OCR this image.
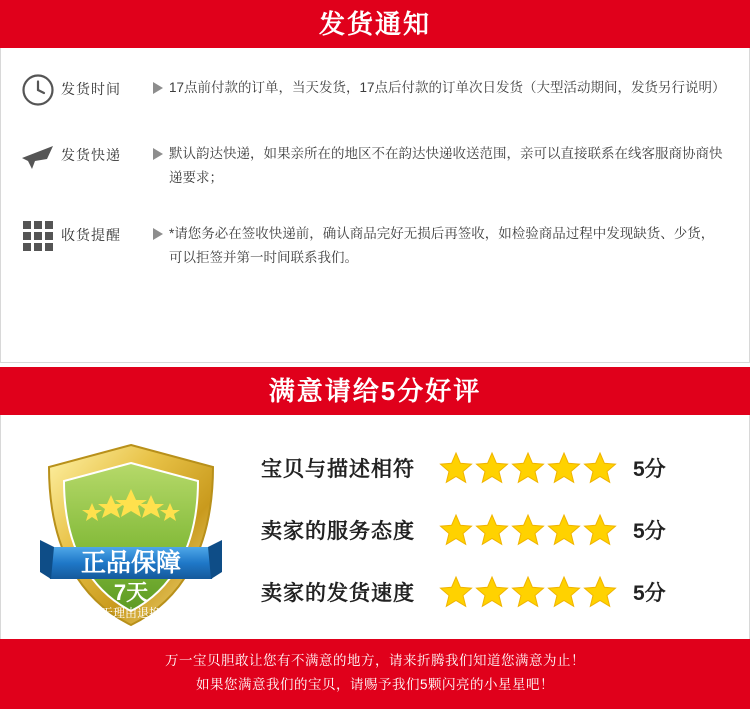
发货通知
发货时间	17点前付款的订单，当天发货，17点后付款的订单次日发货（大型活动期间，发货另行说明）
发货快递	默认韵达快递，如果亲所在的地区不在韵达快递收送范围，亲可以直接联系在线客服商协商快递要求；
收货提醒	*请您务必在签收快递前，确认商品完好无损后再签收，如检验商品过程中发现缺货、少货，可以拒签并第一时间联系我们。
满意请给5分好评
正品保障
7天
无理由退换
宝贝与描述相符	5分
卖家的服务态度	5分
卖家的发货速度	5分
万一宝贝胆敢让您有不满意的地方，请来折腾我们知道您满意为止！
如果您满意我们的宝贝，请赐予我们5颗闪亮的小星星吧！
